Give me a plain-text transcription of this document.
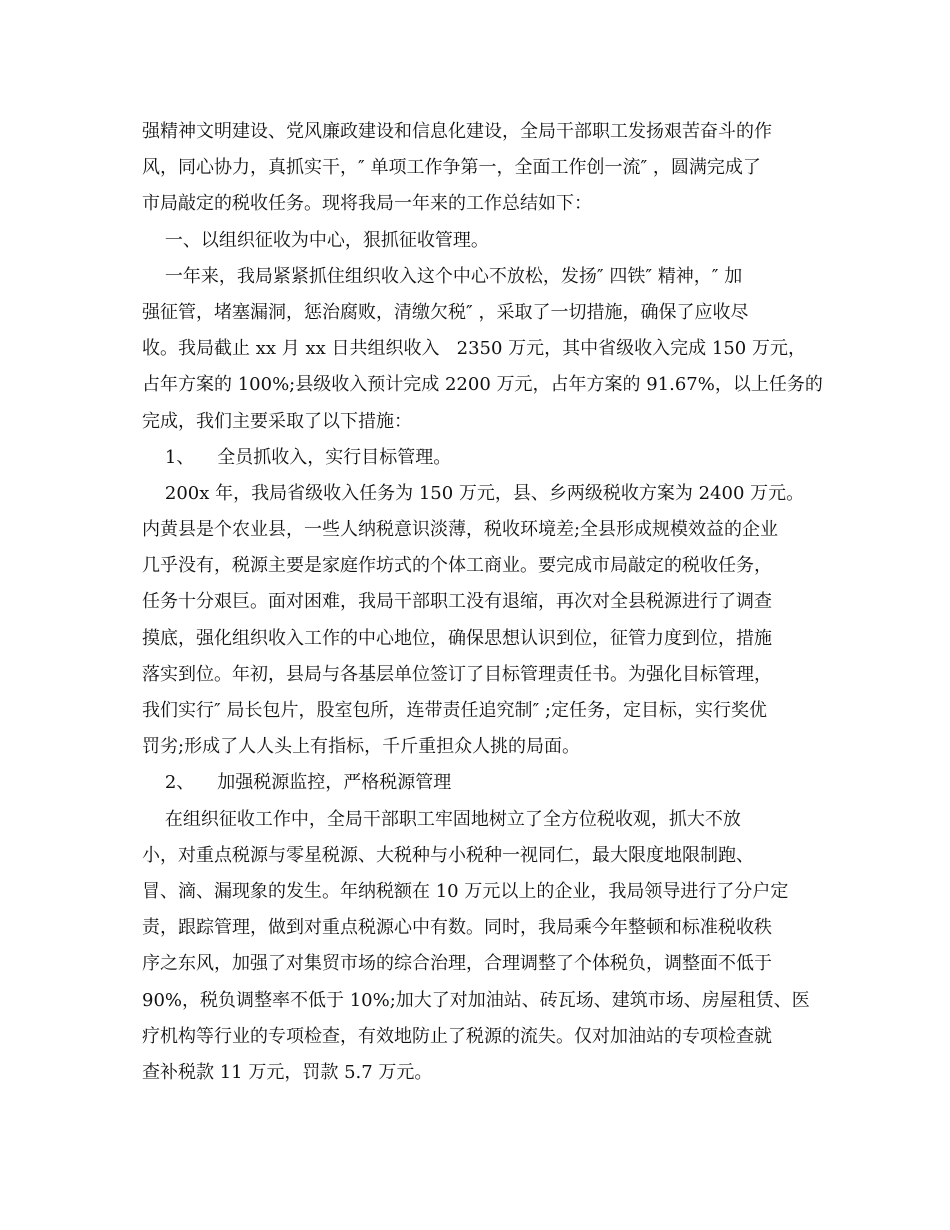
强精神文明建设、党风廉政建设和信息化建设，全局干部职工发扬艰苦奋斗的作
风，同心协力，真抓实干，″ 单项工作争第一，全面工作创一流″ ，圆满完成了
市局敲定的税收任务。现将我局一年来的工作总结如下：
一、以组织征收为中心，狠抓征收管理。
一年来，我局紧紧抓住组织收入这个中心不放松，发扬″ 四铁″ 精神，″ 加
强征管，堵塞漏洞，惩治腐败，清缴欠税″ ，采取了一切措施，确保了应收尽
收。我局截止 xx 月 xx 日共组织收入   2350 万元，其中省级收入完成 150 万元，
占年方案的 100%;县级收入预计完成 2200 万元，占年方案的 91.67%，以上任务的
完成，我们主要采取了以下措施：
1、    全员抓收入，实行目标管理。
200x 年，我局省级收入任务为 150 万元，县、乡两级税收方案为 2400 万元。
内黄县是个农业县，一些人纳税意识淡薄，税收环境差;全县形成规模效益的企业
几乎没有，税源主要是家庭作坊式的个体工商业。要完成市局敲定的税收任务，
任务十分艰巨。面对困难，我局干部职工没有退缩，再次对全县税源进行了调查
摸底，强化组织收入工作的中心地位，确保思想认识到位，征管力度到位，措施
落实到位。年初，县局与各基层单位签订了目标管理责任书。为强化目标管理，
我们实行″ 局长包片，股室包所，连带责任追究制″ ;定任务，定目标，实行奖优
罚劣;形成了人人头上有指标，千斤重担众人挑的局面。
2、    加强税源监控，严格税源管理
在组织征收工作中，全局干部职工牢固地树立了全方位税收观，抓大不放
小，对重点税源与零星税源、大税种与小税种一视同仁，最大限度地限制跑、
冒、滴、漏现象的发生。年纳税额在 10 万元以上的企业，我局领导进行了分户定
责，跟踪管理，做到对重点税源心中有数。同时，我局乘今年整顿和标准税收秩
序之东风，加强了对集贸市场的综合治理，合理调整了个体税负，调整面不低于
90%，税负调整率不低于 10%;加大了对加油站、砖瓦场、建筑市场、房屋租赁、医
疗机构等行业的专项检查，有效地防止了税源的流失。仅对加油站的专项检查就
查补税款 11 万元，罚款 5.7 万元。
